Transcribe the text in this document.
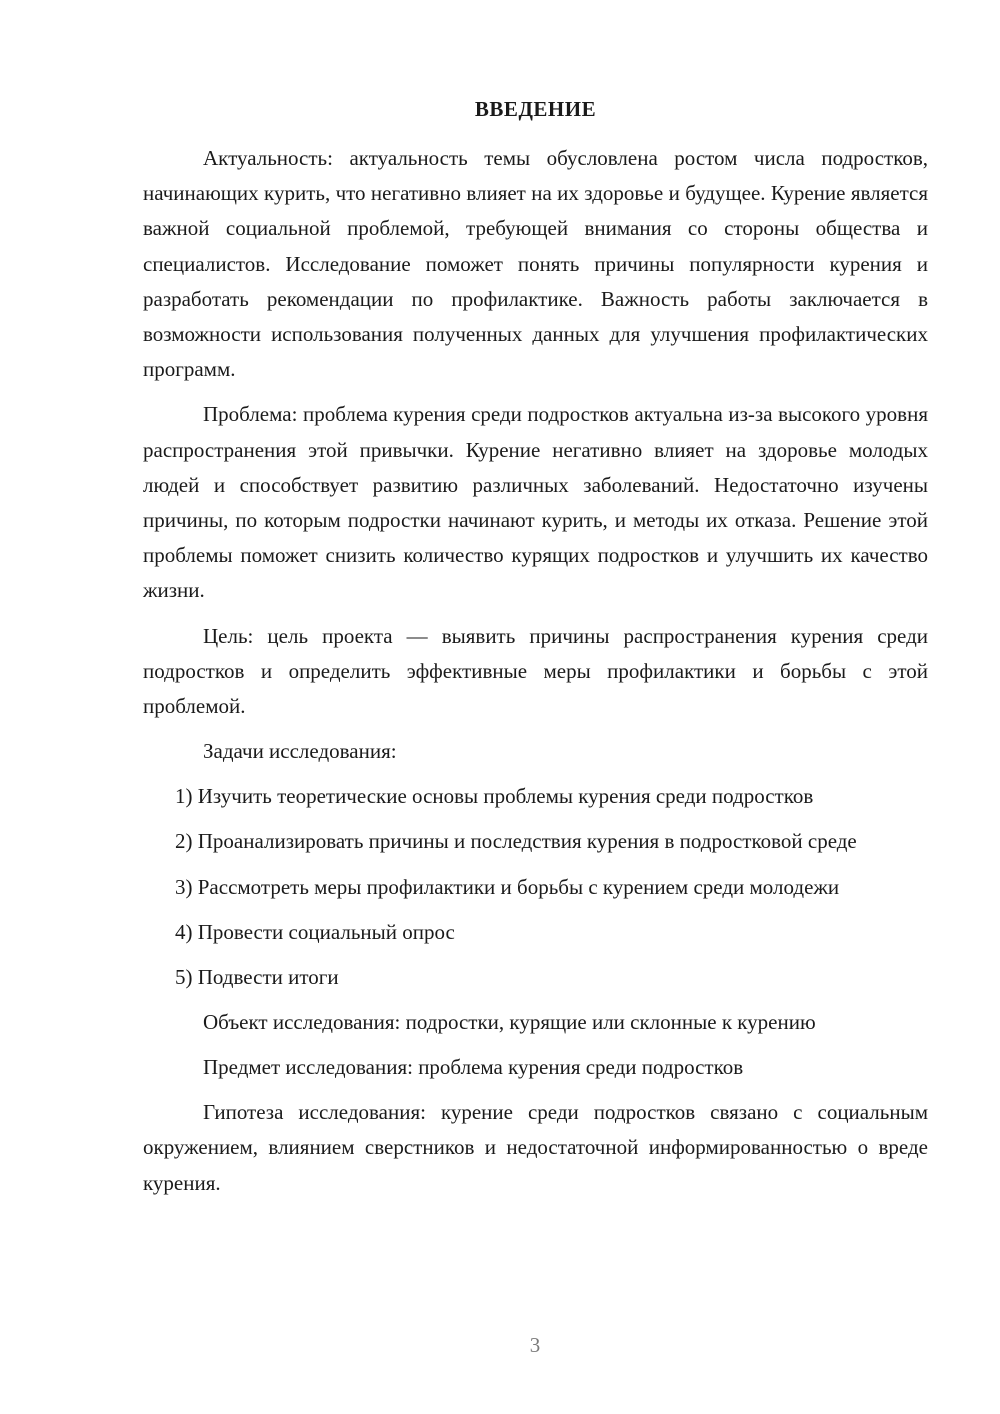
ВВЕДЕНИЕ

Актуальность: актуальность темы обусловлена ростом числа подростков, начинающих курить, что негативно влияет на их здоровье и будущее. Курение является важной социальной проблемой, требующей внимания со стороны общества и специалистов. Исследование поможет понять причины популярности курения и разработать рекомендации по профилактике. Важность работы заключается в возможности использования полученных данных для улучшения профилактических программ.

Проблема: проблема курения среди подростков актуальна из-за высокого уровня распространения этой привычки. Курение негативно влияет на здоровье молодых людей и способствует развитию различных заболеваний. Недостаточно изучены причины, по которым подростки начинают курить, и методы их отказа. Решение этой проблемы поможет снизить количество курящих подростков и улучшить их качество жизни.

Цель: цель проекта — выявить причины распространения курения среди подростков и определить эффективные меры профилактики и борьбы с этой проблемой.

Задачи исследования:

1) Изучить теоретические основы проблемы курения среди подростков

2) Проанализировать причины и последствия курения в подростковой среде

3) Рассмотреть меры профилактики и борьбы с курением среди молодежи

4) Провести социальный опрос

5) Подвести итоги

Объект исследования: подростки, курящие или склонные к курению

Предмет исследования: проблема курения среди подростков

Гипотеза исследования: курение среди подростков связано с социальным окружением, влиянием сверстников и недостаточной информированностью о вреде курения.

3
